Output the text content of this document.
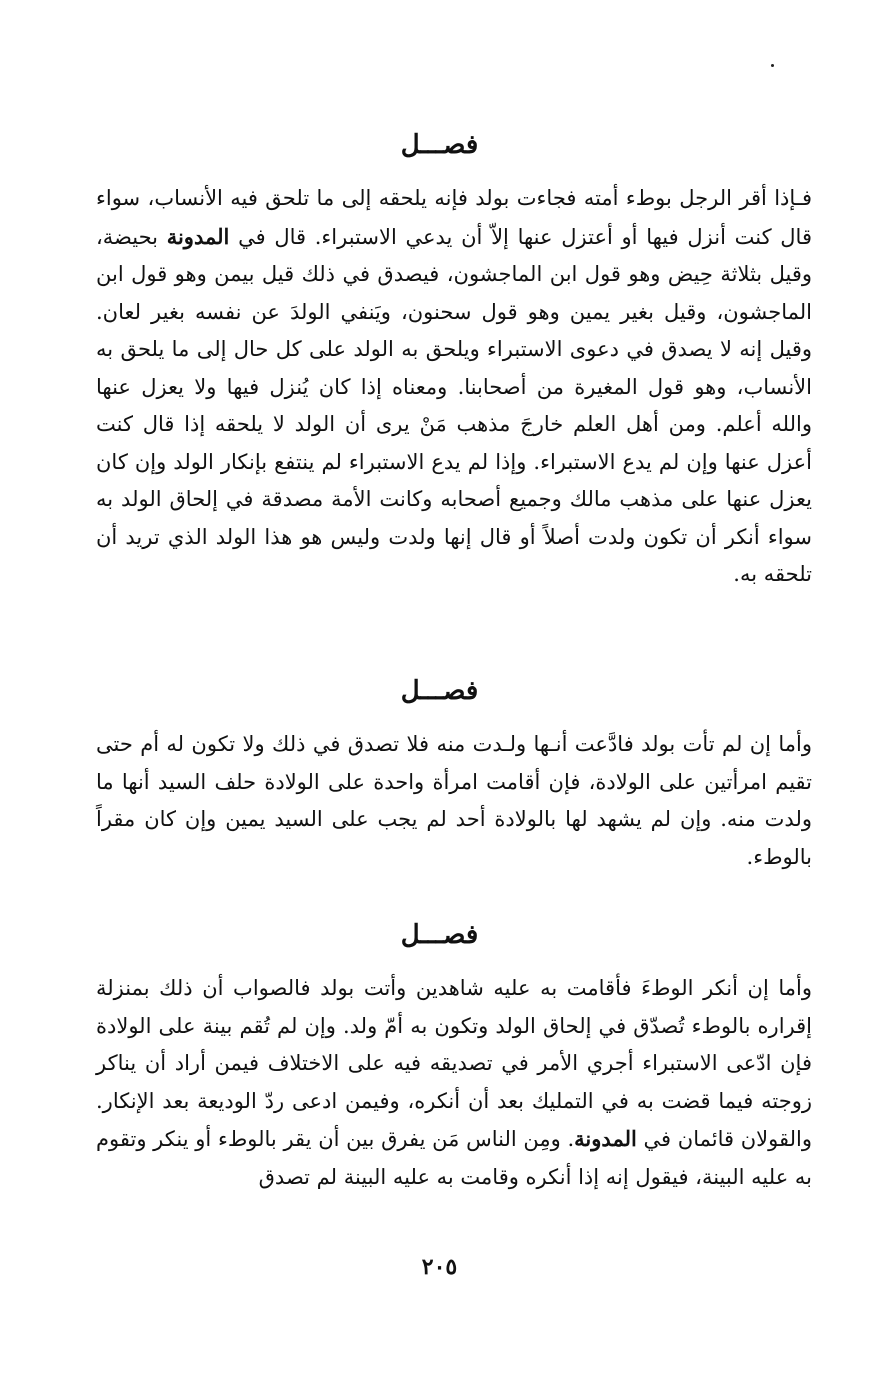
فصـــل

فـإذا أقر الرجل بوطء أمته فجاءت بولد فإنه يلحقه إلى ما تلحق فيه الأنساب، سواء قال كنت أنزل فيها أو أعتزل عنها إلاّ أن يدعي الاستبراء. قال في المدونة بحيضة، وقيل بثلاثة حِيض وهو قول ابن الماجشون، فيصدق في ذلك قيل بيمن وهو قول ابن الماجشون، وقيل بغير يمين وهو قول سحنون، ويَنفي الولدَ عن نفسه بغير لعان. وقيل إنه لا يصدق في دعوى الاستبراء ويلحق به الولد على كل حال إلى ما يلحق به الأنساب، وهو قول المغيرة من أصحابنا. ومعناه إذا كان يُنزل فيها ولا يعزل عنها والله أعلم. ومن أهل العلم خارجَ مذهب مَنْ يرى أن الولد لا يلحقه إذا قال كنت أعزل عنها وإن لم يدع الاستبراء. وإذا لم يدع الاستبراء لم ينتفع بإنكار الولد وإن كان يعزل عنها على مذهب مالك وجميع أصحابه وكانت الأمة مصدقة في إلحاق الولد به سواء أنكر أن تكون ولدت أصلاً أو قال إنها ولدت وليس هو هذا الولد الذي تريد أن تلحقه به.

فصـــل

وأما إن لم تأت بولد فادَّعت أنـها ولـدت منه فلا تصدق في ذلك ولا تكون له أم حتى تقيم امرأتين على الولادة، فإن أقامت امرأة واحدة على الولادة حلف السيد أنها ما ولدت منه. وإن لم يشهد لها بالولادة أحد لم يجب على السيد يمين وإن كان مقراً بالوطء.

فصـــل

وأما إن أنكر الوطءَ فأقامت به عليه شاهدين وأتت بولد فالصواب أن ذلك بمنزلة إقراره بالوطء تُصدّق في إلحاق الولد وتكون به أمّ ولد. وإن لم تُقم بينة على الولادة فإن ادّعى الاستبراء أجري الأمر في تصديقه فيه على الاختلاف فيمن أراد أن يناكر زوجته فيما قضت به في التمليك بعد أن أنكره، وفيمن ادعى ردّ الوديعة بعد الإنكار. والقولان قائمان في المدونة. ومِن الناس مَن يفرق بين أن يقر بالوطء أو ينكر وتقوم به عليه البينة، فيقول إنه إذا أنكره وقامت به عليه البينة لم تصدق

٢٠٥
